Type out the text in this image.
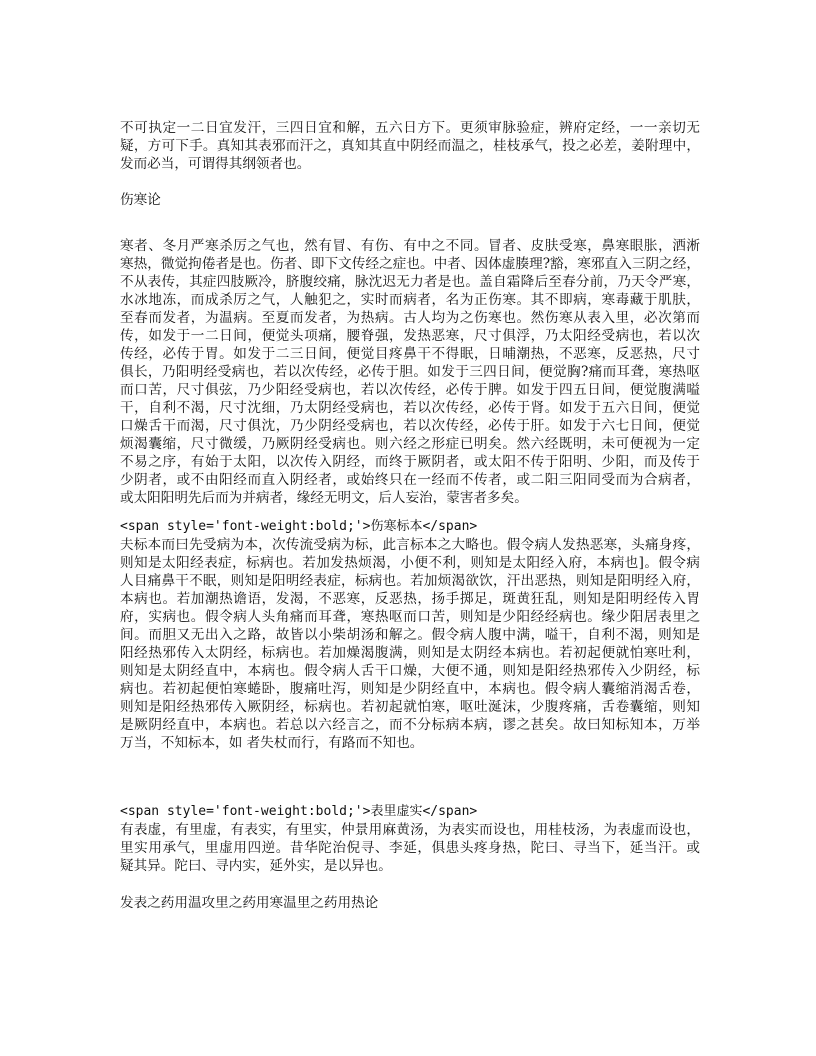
不可执定一二日宜发汗，三四日宜和解，五六日方下。更须审脉验症，辨府定经，一一亲切无
疑，方可下手。真知其表邪而汗之，真知其直中阴经而温之，桂枝承气，投之必差，姜附理中，
发而必当，可谓得其纲领者也。
伤寒论
寒者、冬月严寒杀厉之气也，然有冒、有伤、有中之不同。冒者、皮肤受寒，鼻寒眼胀，洒淅
寒热，微觉拘倦者是也。伤者、即下文传经之症也。中者、因体虚腠理?豁，寒邪直入三阴之经，
不从表传，其症四肢厥冷，脐腹绞痛，脉沈迟无力者是也。盖自霜降后至春分前，乃天令严寒，
水冰地冻，而成杀厉之气，人触犯之，实时而病者，名为正伤寒。其不即病，寒毒藏于肌肤，
至春而发者，为温病。至夏而发者，为热病。古人均为之伤寒也。然伤寒从表入里，必次第而
传，如发于一二日间，便觉头项痛，腰脊强，发热恶寒，尺寸俱浮，乃太阳经受病也，若以次
传经，必传于胃。如发于二三日间，便觉目疼鼻干不得眠，日晡潮热，不恶寒，反恶热，尺寸
俱长，乃阳明经受病也，若以次传经，必传于胆。如发于三四日间，便觉胸?痛而耳聋，寒热呕
而口苦，尺寸俱弦，乃少阳经受病也，若以次传经，必传于脾。如发于四五日间，便觉腹满嗌
干，自利不渴，尺寸沈细，乃太阴经受病也，若以次传经，必传于肾。如发于五六日间，便觉
口燥舌干而渴，尺寸俱沈，乃少阴经受病也，若以次传经，必传于肝。如发于六七日间，便觉
烦渴囊缩，尺寸微缓，乃厥阴经受病也。则六经之形症已明矣。然六经既明，未可便视为一定
不易之序，有始于太阳，以次传入阴经，而终于厥阴者，或太阳不传于阳明、少阳，而及传于
少阴者，或不由阳经而直入阴经者，或始终只在一经而不传者，或二阳三阳同受而为合病者，
或太阳阳明先后而为并病者，缘经无明文，后人妄治，蒙害者多矣。
<span style='font-weight:bold;'>伤寒标本</span>
夫标本而曰先受病为本，次传流受病为标，此言标本之大略也。假令病人发热恶寒，头痛身疼，
则知是太阳经表症，标病也。若加发热烦渴，小便不利，则知是太阳经入府，本病也]。假令病
人目痛鼻干不眠，则知是阳明经表症，标病也。若加烦渴欲饮，汗出恶热，则知是阳明经入府，
本病也。若加潮热谵语，发渴，不恶寒，反恶热，扬手掷足，斑黄狂乱，则知是阳明经传入胃
府，实病也。假令病人头角痛而耳聋，寒热呕而口苦，则知是少阳经经病也。缘少阳居表里之
间。而胆又无出入之路，故皆以小柴胡汤和解之。假令病人腹中满，嗌干，自利不渴，则知是
阳经热邪传入太阴经，标病也。若加燥渴腹满，则知是太阴经本病也。若初起便就怕寒吐利，
则知是太阴经直中，本病也。假令病人舌干口燥，大便不通，则知是阳经热邪传入少阴经，标
病也。若初起便怕寒蜷卧，腹痛吐泻，则知是少阴经直中，本病也。假令病人囊缩消渴舌卷，
则知是阳经热邪传入厥阴经，标病也。若初起就怕寒，呕吐涎沫，少腹疼痛，舌卷囊缩，则知
是厥阴经直中，本病也。若总以六经言之，而不分标病本病，谬之甚矣。故曰知标知本，万举
万当，不知标本，如 者失杖而行，有路而不知也。
<span style='font-weight:bold;'>表里虚实</span>
有表虚，有里虚，有表实，有里实，仲景用麻黄汤，为表实而设也，用桂枝汤，为表虚而设也，
里实用承气，里虚用四逆。昔华陀治倪寻、李延，俱患头疼身热，陀曰、寻当下，延当汗。或
疑其异。陀曰、寻内实，延外实，是以异也。
发表之药用温攻里之药用寒温里之药用热论
